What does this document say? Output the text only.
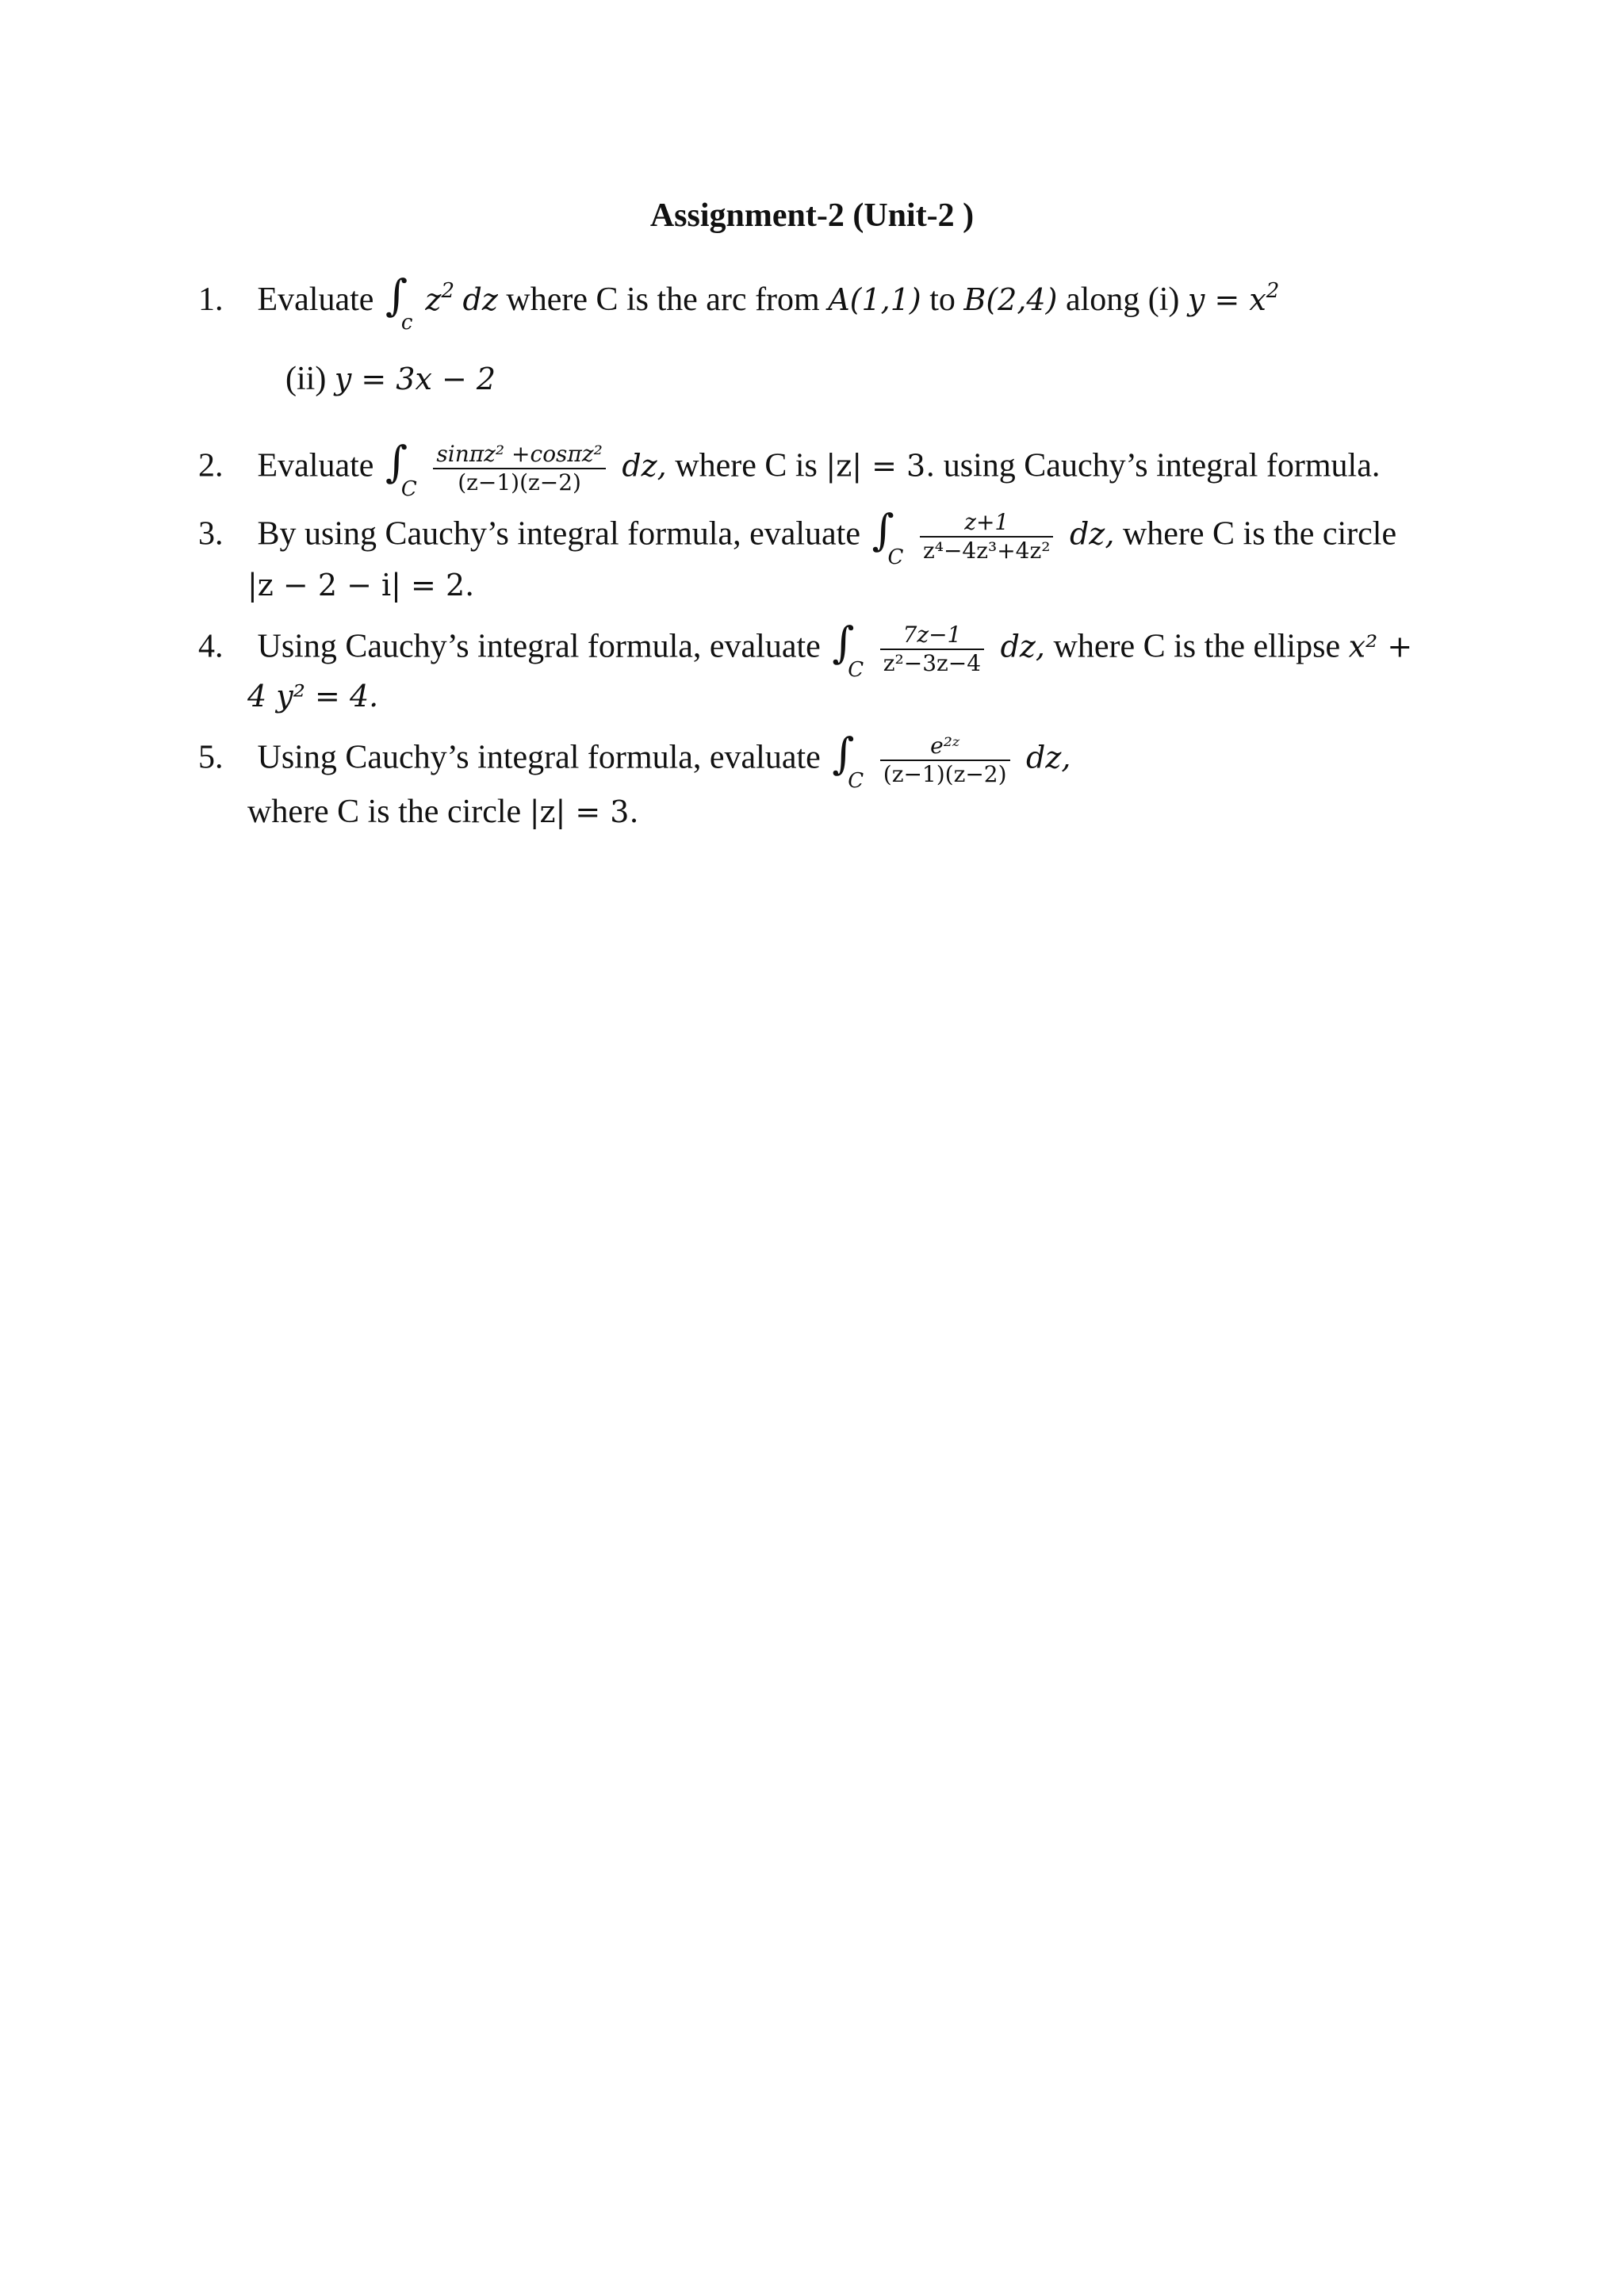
Assignment-2 (Unit-2 )
1. Evaluate ∫
c
$z^2$ dz where C is the arc from A(1,1) to B(2,4) along (i) $y = x^2$
(ii) y = 3x − 2
2. Evaluate ∫
C
$\frac{\text{sinπz² +cosπz²}}{(z-1)(z-2)}$ dz, where C is |z| = 3. using Cauchy’s integral formula.
3. By using Cauchy’s integral formula, evaluate ∫
C
$\frac{z+1}{\text{z⁴−4z³+4z²}}$ dz, where C is the circle
|z − 2 − i| = 2.
4. Using Cauchy’s integral formula, evaluate ∫
C
$\frac{7z-1}{\text{z²−3z−4}}$ dz, where C is the ellipse x² +
4 y² = 4.
5. Using Cauchy’s integral formula, evaluate ∫
C
$\frac{\text{e²ᶻ}}{(z-1)(z-2)}$ dz,
where C is the circle |z| = 3.
